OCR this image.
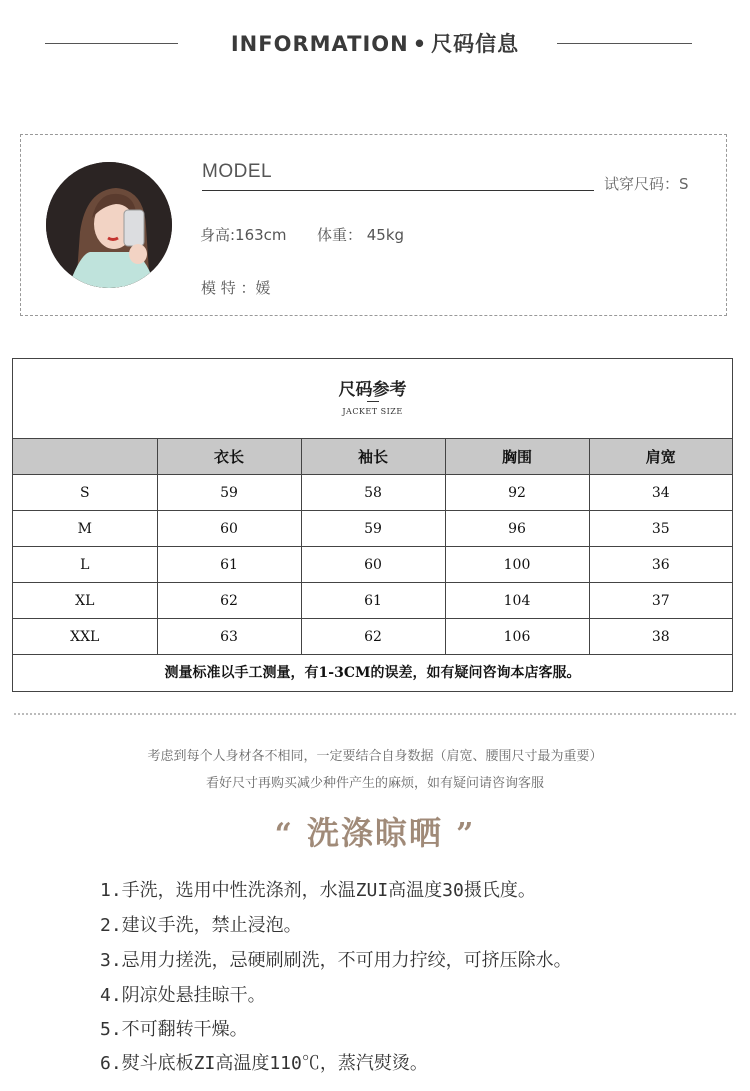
INFORMATION • 尺码信息
MODEL
试穿尺码：S
身高:163cm 体重： 45kg
模 特 ：媛
尺码参考
JACKET SIZE
	衣长	袖长	胸围	肩宽
S	59	58	92	34
M	60	59	96	35
L	61	60	100	36
XL	62	61	104	37
XXL	63	62	106	38
测量标准以手工测量，有1-3CM的误差，如有疑问咨询本店客服。
考虑到每个人身材各不相同，一定要结合自身数据（肩宽、腰围尺寸最为重要）
看好尺寸再购买减少种件产生的麻烦，如有疑问请咨询客服
“ 洗涤晾晒 ”
1.手洗，选用中性洗涤剂，水温ZUI高温度30摄氏度。
2.建议手洗，禁止浸泡。
3.忌用力搓洗，忌硬刷刷洗，不可用力拧绞，可挤压除水。
4.阴凉处悬挂晾干。
5.不可翻转干燥。
6.熨斗底板ZI高温度110℃，蒸汽熨烫。
